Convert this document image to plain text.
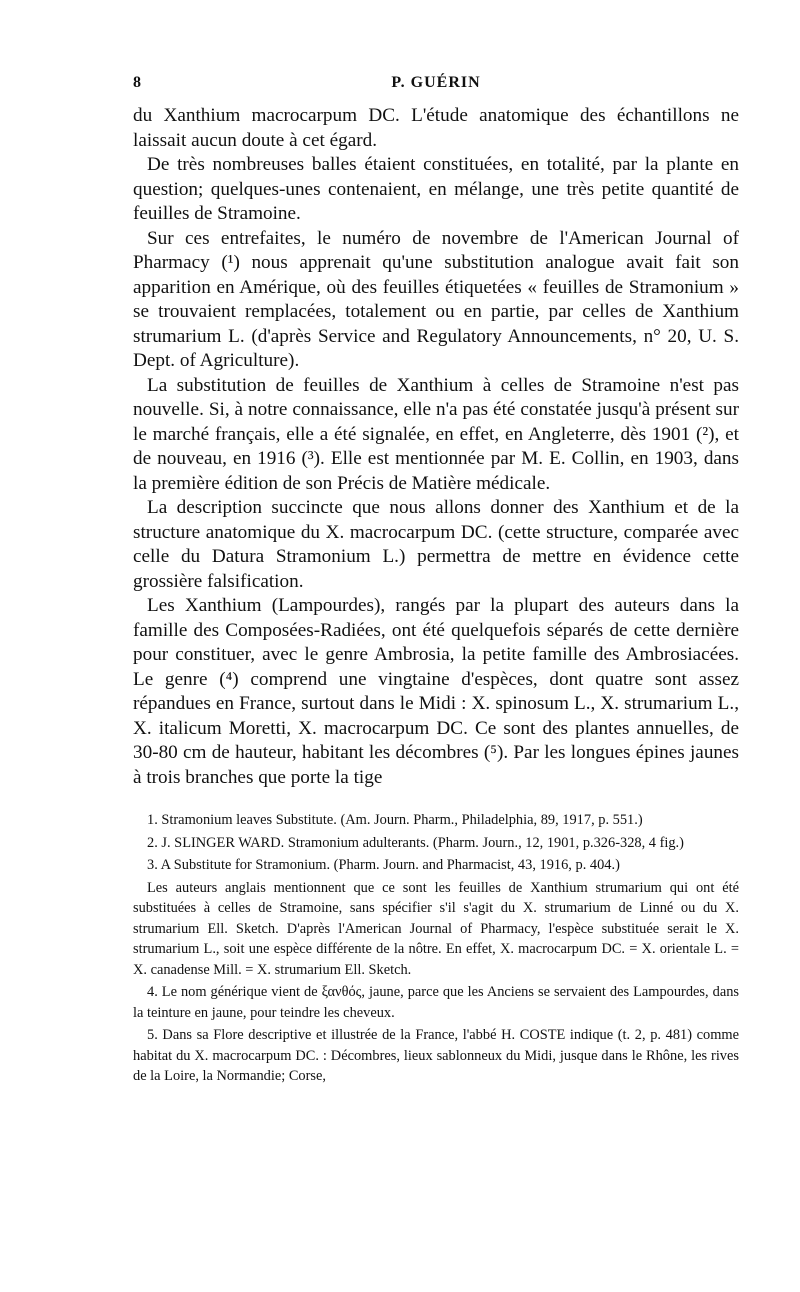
8	P. GUÉRIN

du Xanthium macrocarpum DC. L'étude anatomique des échantillons ne laissait aucun doute à cet égard.

De très nombreuses balles étaient constituées, en totalité, par la plante en question; quelques-unes contenaient, en mélange, une très petite quantité de feuilles de Stramoine.

Sur ces entrefaites, le numéro de novembre de l'American Journal of Pharmacy (¹) nous apprenait qu'une substitution analogue avait fait son apparition en Amérique, où des feuilles étiquetées « feuilles de Stramonium » se trouvaient remplacées, totalement ou en partie, par celles de Xanthium strumarium L. (d'après Service and Regulatory Announcements, n° 20, U. S. Dept. of Agriculture).

La substitution de feuilles de Xanthium à celles de Stramoine n'est pas nouvelle. Si, à notre connaissance, elle n'a pas été constatée jusqu'à présent sur le marché français, elle a été signalée, en effet, en Angleterre, dès 1901 (²), et de nouveau, en 1916 (³). Elle est mentionnée par M. E. Collin, en 1903, dans la première édition de son Précis de Matière médicale.

La description succincte que nous allons donner des Xanthium et de la structure anatomique du X. macrocarpum DC. (cette structure, comparée avec celle du Datura Stramonium L.) permettra de mettre en évidence cette grossière falsification.

Les Xanthium (Lampourdes), rangés par la plupart des auteurs dans la famille des Composées-Radiées, ont été quelquefois séparés de cette dernière pour constituer, avec le genre Ambrosia, la petite famille des Ambrosiacées. Le genre (⁴) comprend une vingtaine d'espèces, dont quatre sont assez répandues en France, surtout dans le Midi : X. spinosum L., X. strumarium L., X. italicum Moretti, X. macrocarpum DC. Ce sont des plantes annuelles, de 30-80 cm de hauteur, habitant les décombres (⁵). Par les longues épines jaunes à trois branches que porte la tige

1. Stramonium leaves Substitute. (Am. Journ. Pharm., Philadelphia, 89, 1917, p. 551.)

2. J. SLINGER WARD. Stramonium adulterants. (Pharm. Journ., 12, 1901, p.326-328, 4 fig.)

3. A Substitute for Stramonium. (Pharm. Journ. and Pharmacist, 43, 1916, p. 404.)

Les auteurs anglais mentionnent que ce sont les feuilles de Xanthium strumarium qui ont été substituées à celles de Stramoine, sans spécifier s'il s'agit du X. strumarium de Linné ou du X. strumarium Ell. Sketch. D'après l'American Journal of Pharmacy, l'espèce substituée serait le X. strumarium L., soit une espèce différente de la nôtre. En effet, X. macrocarpum DC. = X. orientale L. = X. canadense Mill. = X. strumarium Ell. Sketch.

4. Le nom générique vient de ξανθός, jaune, parce que les Anciens se servaient des Lampourdes, dans la teinture en jaune, pour teindre les cheveux.

5. Dans sa Flore descriptive et illustrée de la France, l'abbé H. COSTE indique (t. 2, p. 481) comme habitat du X. macrocarpum DC. : Décombres, lieux sablonneux du Midi, jusque dans le Rhône, les rives de la Loire, la Normandie; Corse,
